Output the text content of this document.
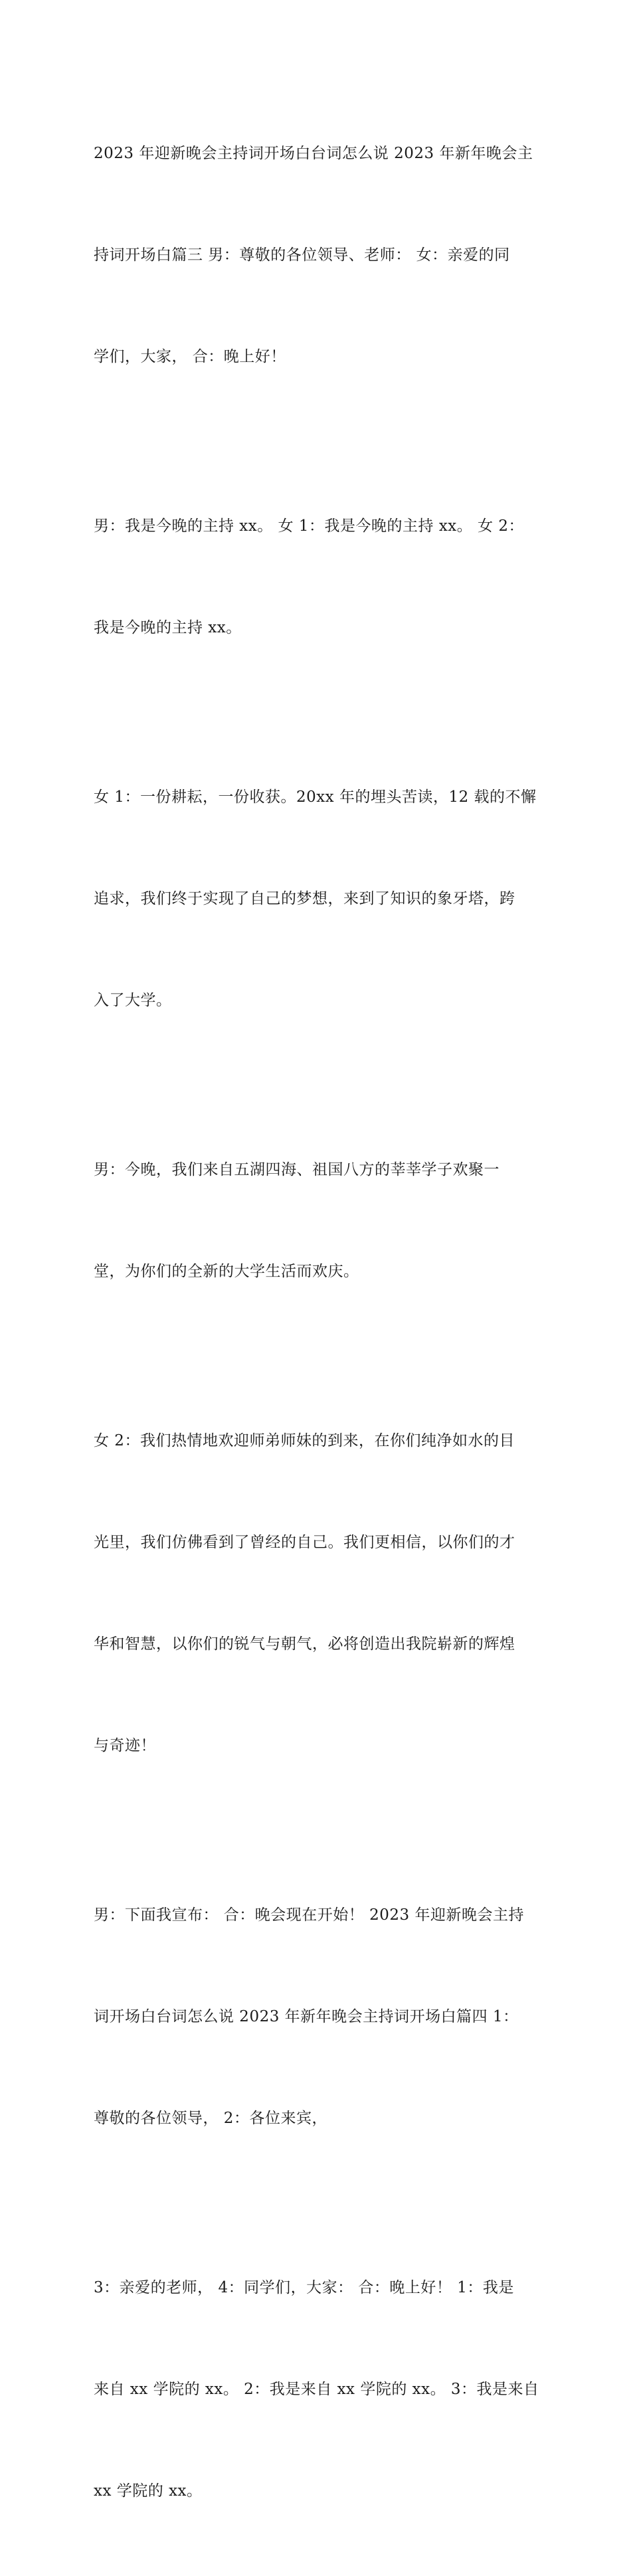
2023 年迎新晚会主持词开场白台词怎么说 2023 年新年晚会主

持词开场白篇三 男：尊敬的各位领导、老师： 女：亲爱的同

学们，大家， 合：晚上好！

男：我是今晚的主持 xx。 女 1：我是今晚的主持 xx。 女 2：

我是今晚的主持 xx。

女 1：一份耕耘，一份收获。20xx 年的埋头苦读，12 载的不懈

追求，我们终于实现了自己的梦想，来到了知识的象牙塔，跨

入了大学。

男：今晚，我们来自五湖四海、祖国八方的莘莘学子欢聚一

堂，为你们的全新的大学生活而欢庆。

女 2：我们热情地欢迎师弟师妹的到来，在你们纯净如水的目

光里，我们仿佛看到了曾经的自己。我们更相信，以你们的才

华和智慧，以你们的锐气与朝气，必将创造出我院崭新的辉煌

与奇迹！

男：下面我宣布： 合：晚会现在开始！ 2023 年迎新晚会主持

词开场白台词怎么说 2023 年新年晚会主持词开场白篇四 1：

尊敬的各位领导， 2：各位来宾，

3：亲爱的老师， 4：同学们，大家： 合：晚上好！ 1：我是

来自 xx 学院的 xx。 2：我是来自 xx 学院的 xx。 3：我是来自

xx 学院的 xx。
